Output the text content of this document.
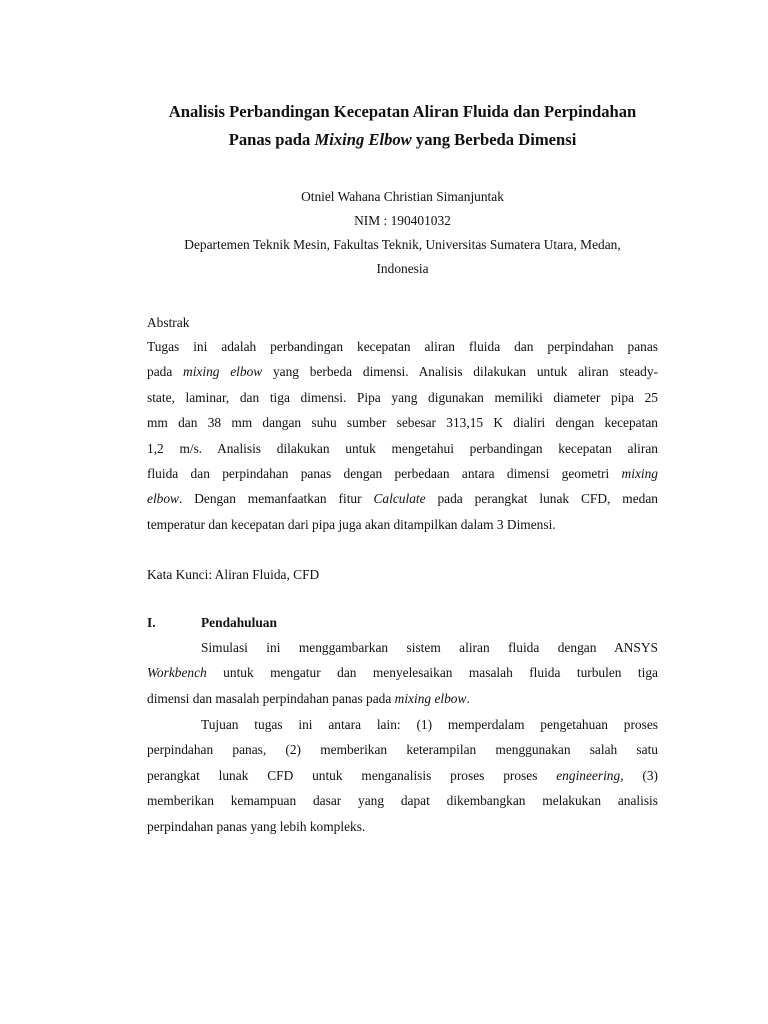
Analisis Perbandingan Kecepatan Aliran Fluida dan Perpindahan
Panas pada Mixing Elbow yang Berbeda Dimensi
Otniel Wahana Christian Simanjuntak
NIM : 190401032
Departemen Teknik Mesin, Fakultas Teknik, Universitas Sumatera Utara, Medan,
Indonesia
Abstrak
Tugas ini adalah perbandingan kecepatan aliran fluida dan perpindahan panas
pada mixing elbow yang berbeda dimensi. Analisis dilakukan untuk aliran steady-
state, laminar, dan tiga dimensi. Pipa yang digunakan memiliki diameter pipa 25
mm dan 38 mm dangan suhu sumber sebesar 313,15 K dialiri dengan kecepatan
1,2 m/s. Analisis dilakukan untuk mengetahui perbandingan kecepatan aliran
fluida dan perpindahan panas dengan perbedaan antara dimensi geometri mixing
elbow. Dengan memanfaatkan fitur Calculate pada perangkat lunak CFD, medan
temperatur dan kecepatan dari pipa juga akan ditampilkan dalam 3 Dimensi.
Kata Kunci: Aliran Fluida, CFD
I.	Pendahuluan
Simulasi ini menggambarkan sistem aliran fluida dengan ANSYS
Workbench untuk mengatur dan menyelesaikan masalah fluida turbulen tiga
dimensi dan masalah perpindahan panas pada mixing elbow.
Tujuan tugas ini antara lain: (1) memperdalam pengetahuan proses
perpindahan panas, (2) memberikan keterampilan menggunakan salah satu
perangkat lunak CFD untuk menganalisis proses proses engineering, (3)
memberikan kemampuan dasar yang dapat dikembangkan melakukan analisis
perpindahan panas yang lebih kompleks.
